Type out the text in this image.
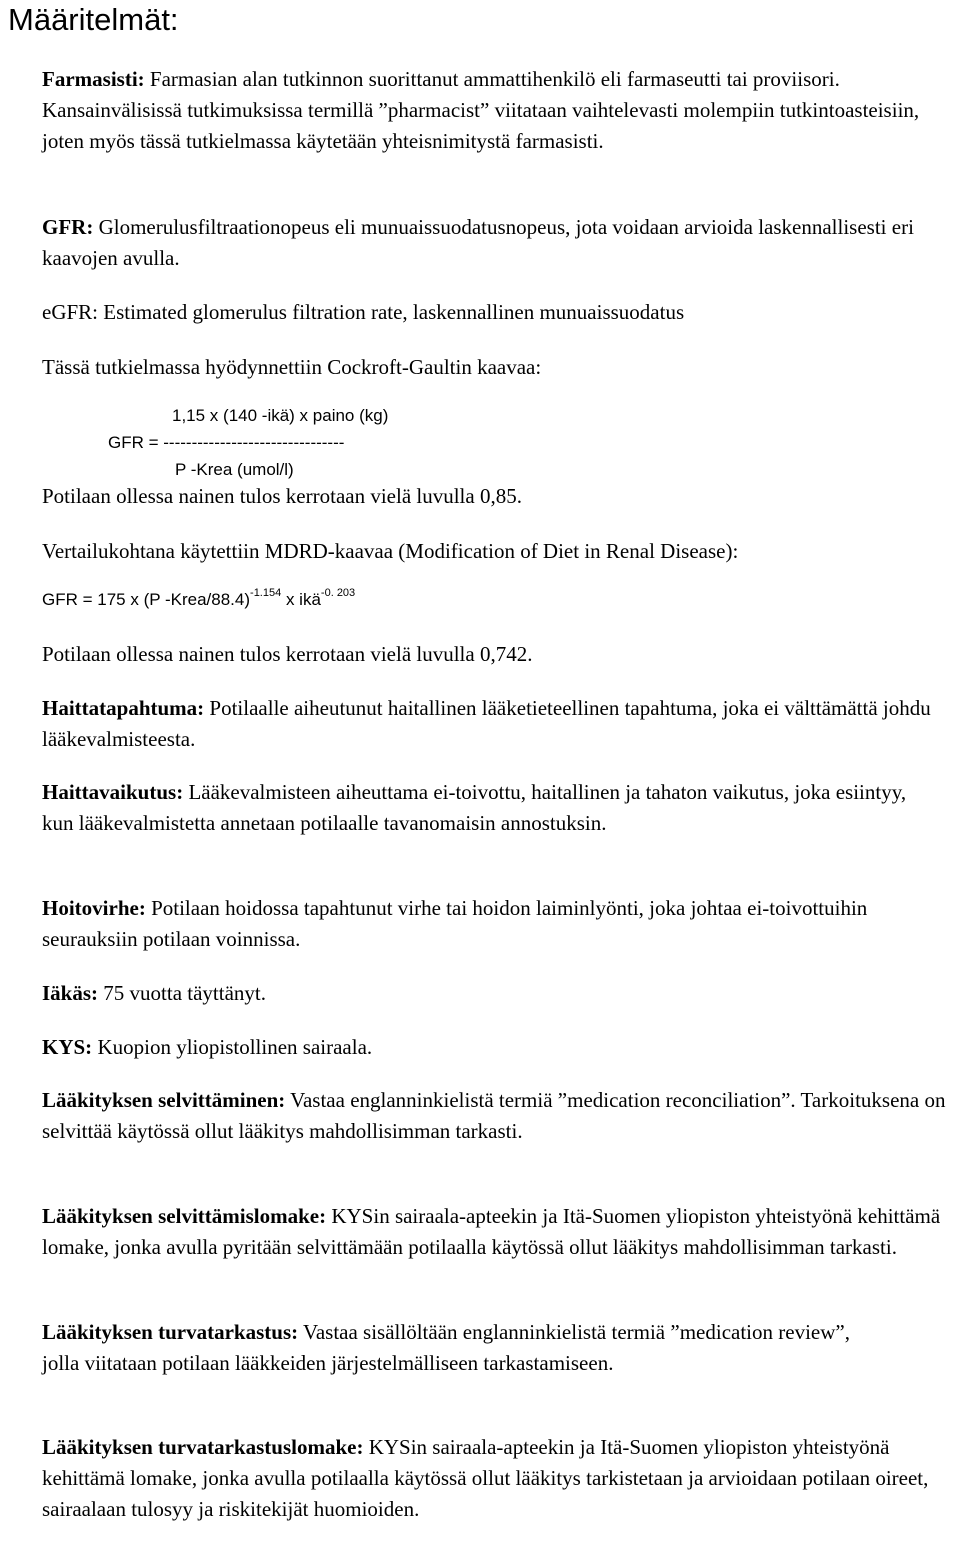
Määritelmät:

Farmasisti: Farmasian alan tutkinnon suorittanut ammattihenkilö eli farmaseutti tai proviisori. Kansainvälisissä tutkimuksissa termillä ”pharmacist” viitataan vaihtelevasti molempiin tutkintoasteisiin, joten myös tässä tutkielmassa käytetään yhteisnimitystä farmasisti.

GFR: Glomerulusfiltraationopeus eli munuaissuodatusnopeus, jota voidaan arvioida laskennallisesti eri kaavojen avulla.

eGFR: Estimated glomerulus filtration rate, laskennallinen munuaissuodatus

Tässä tutkielmassa hyödynnettiin Cockroft-Gaultin kaavaa:

1,15 x (140 -ikä) x paino (kg)
GFR = --------------------------------
P -Krea (umol/l)

Potilaan ollessa nainen tulos kerrotaan vielä luvulla 0,85.

Vertailukohtana käytettiin MDRD-kaavaa (Modification of Diet in Renal Disease):

GFR = 175 x (P -Krea/88.4)$^{-1.154}$ x ikä$^{-0. 203}$

Potilaan ollessa nainen tulos kerrotaan vielä luvulla 0,742.

Haittatapahtuma: Potilaalle aiheutunut haitallinen lääketieteellinen tapahtuma, joka ei välttämättä johdu lääkevalmisteesta.

Haittavaikutus: Lääkevalmisteen aiheuttama ei-toivottu, haitallinen ja tahaton vaikutus, joka esiintyy, kun lääkevalmistetta annetaan potilaalle tavanomaisin annostuksin.

Hoitovirhe: Potilaan hoidossa tapahtunut virhe tai hoidon laiminlyönti, joka johtaa ei-toivottuihin seurauksiin potilaan voinnissa.

Iäkäs: 75 vuotta täyttänyt.

KYS: Kuopion yliopistollinen sairaala.

Lääkityksen selvittäminen: Vastaa englanninkielistä termiä ”medication reconciliation”. Tarkoituksena on selvittää käytössä ollut lääkitys mahdollisimman tarkasti.

Lääkityksen selvittämislomake: KYSin sairaala-apteekin ja Itä-Suomen yliopiston yhteistyönä kehittämä lomake, jonka avulla pyritään selvittämään potilaalla käytössä ollut lääkitys mahdollisimman tarkasti.

Lääkityksen turvatarkastus: Vastaa sisällöltään englanninkielistä termiä ”medication review”, jolla viitataan potilaan lääkkeiden järjestelmälliseen tarkastamiseen.

Lääkityksen turvatarkastuslomake: KYSin sairaala-apteekin ja Itä-Suomen yliopiston yhteistyönä kehittämä lomake, jonka avulla potilaalla käytössä ollut lääkitys tarkistetaan ja arvioidaan potilaan oireet, sairaalaan tulosyy ja riskitekijät huomioiden.
